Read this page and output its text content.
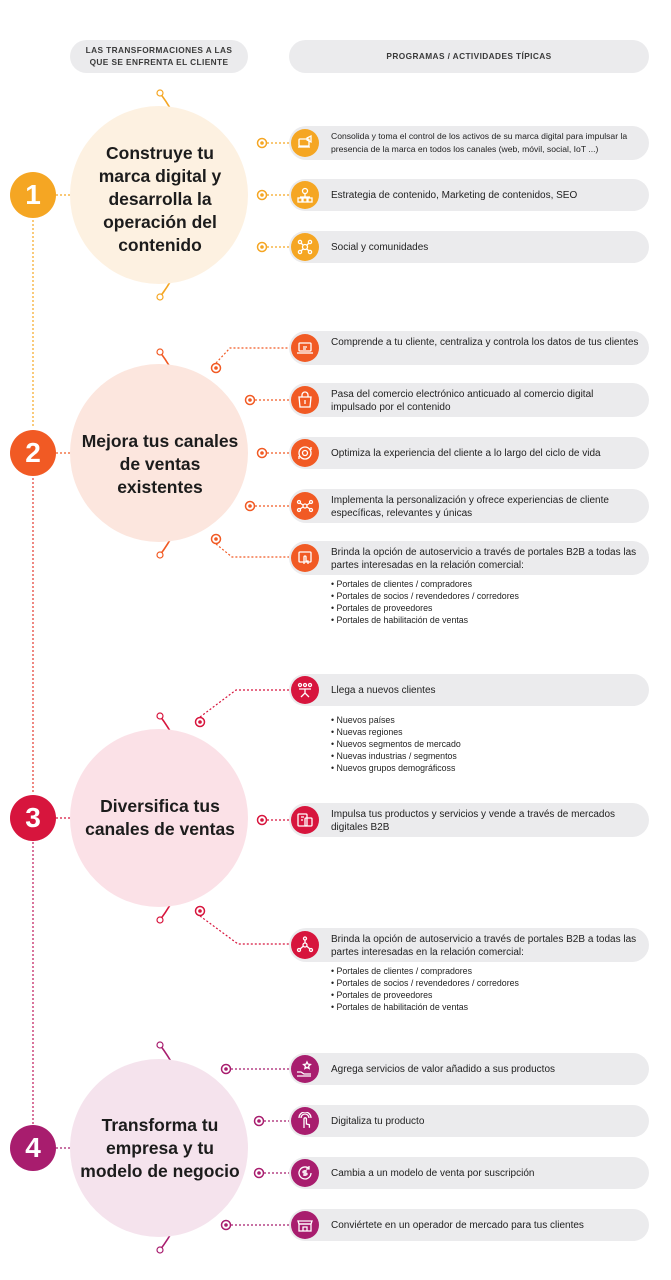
LAS TRANSFORMACIONES A LAS QUE SE ENFRENTA EL CLIENTE
PROGRAMAS / ACTIVIDADES TÍPICAS
1
Construye tu marca digital y desarrolla la operación del contenido
Consolida y toma el control de los activos de su marca digital para impulsar la presencia de la marca en todos los canales (web, móvil, social, IoT ...)
Estrategia de contenido, Marketing de contenidos, SEO
Social y comunidades
2	Mejora tus canales de ventas existentes
Comprende a tu cliente, centraliza y controla los datos de tus clientes
Pasa del comercio electrónico anticuado al comercio digital impulsado por el contenido
Optimiza la experiencia del cliente a lo largo del ciclo de vida
Implementa la personalización y ofrece experiencias de cliente específicas, relevantes y únicas
Brinda la opción de autoservicio a través de portales B2B a todas las partes interesadas en la relación comercial:
• Portales de clientes / compradores
• Portales de socios / revendedores / corredores
• Portales de proveedores
• Portales de habilitación de ventas
3	Diversifica tus canales de ventas
Llega a nuevos clientes
• Nuevos países
• Nuevas regiones
• Nuevos segmentos de mercado
• Nuevas industrias / segmentos
• Nuevos grupos demográficoss
Impulsa tus productos y servicios y vende a través de mercados digitales B2B
Brinda la opción de autoservicio a través de portales B2B a todas las partes interesadas en la relación comercial:
• Portales de clientes / compradores
• Portales de socios / revendedores / corredores
• Portales de proveedores
• Portales de habilitación de ventas
4
Transforma tu empresa y tu modelo de negocio
Agrega servicios de valor añadido a sus productos
Digitaliza tu producto
Cambia a un modelo de venta por suscripción
Conviértete en un operador de mercado para tus clientes
